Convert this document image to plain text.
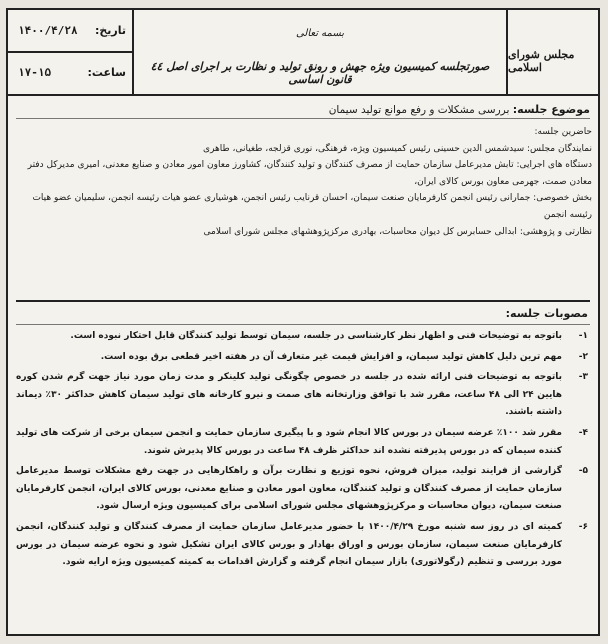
مجلس شورای اسلامی
بسمه تعالی
صورتجلسه کمیسیون ویژه جهش و رونق تولید و نظارت بر اجرای اصل ٤٤ قانون اساسی
تاریخ:
۱۴۰۰/۴/۲۸
ساعت:
۱۷-۱۵
موضوع جلسه: بررسی مشکلات و رفع موانع تولید سیمان

حاضرین جلسه:

نمایندگان مجلس: سیدشمس الدین حسینی رئیس کمیسیون ویژه، فرهنگی، نوری قزلجه، طغیانی، طاهری

دستگاه های اجرایی: تابش مدیرعامل سازمان حمایت از مصرف کنندگان و تولید کنندگان، کشاورز معاون امور معادن و صنایع معدنی، امیری مدیرکل دفتر معادن صمت، جهرمی معاون بورس کالای ایران،

بخش خصوصی: جمارانی رئیس انجمن کارفرمایان صنعت سیمان، احسان قرنایب رئیس انجمن، هوشیاری عضو هیات رئیسه انجمن، سلیمیان عضو هیات رئیسه انجمن

نظارتی و پژوهشی: ابدالی حسابرس کل دیوان محاسبات، بهادری مرکزپژوهشهای مجلس شورای اسلامی

مصوبات جلسه:
۱-
باتوجه به توضیحات فنی و اظهار نظر کارشناسی در جلسه، سیمان توسط تولید کنندگان قابل احتکار نبوده است.
۲-
مهم ترین دلیل کاهش تولید سیمان، و افزایش قیمت غیر متعارف آن در هفته اخیر قطعی برق بوده است.
۳-
باتوجه به توضیحات فنی ارائه شده در جلسه در خصوص چگونگی تولید کلینکر و مدت زمان مورد نیاز جهت گرم شدن کوره هایین ۲۴ الی ۴۸ ساعت، مقرر شد با توافق وزارتخانه های صمت و نیرو کارخانه های تولید سیمان کاهش حداکثر ۳۰٪ دیماند داشته باشند.
۴-
مقرر شد ۱۰۰٪ عرضه سیمان در بورس کالا انجام شود و با پیگیری سازمان حمایت و انجمن سیمان برخی از شرکت های تولید کننده سیمان که در بورس پذیرفته نشده اند حداکثر ظرف ۴۸ ساعت در بورس کالا پذیرش شوند.
۵-
گزارشی از فرایند تولید، میزان فروش، نحوه توزیع و نظارت برآن و راهکارهایی در جهت رفع مشکلات توسط مدیرعامل سازمان حمایت از مصرف کنندگان و تولید کنندگان، معاون امور معادن و صنایع معدنی، بورس کالای ایران، انجمن کارفرمایان صنعت سیمان، دیوان محاسبات و مرکزپژوهشهای مجلس شورای اسلامی برای کمیسیون ویژه ارسال شود.
۶-
کمیته ای در روز سه شنبه مورخ ۱۴۰۰/۴/۲۹ با حضور مدیرعامل سازمان حمایت از مصرف کنندگان و تولید کنندگان، انجمن کارفرمایان صنعت سیمان، سازمان بورس و اوراق بهادار و بورس کالای ایران تشکیل شود و نحوه عرضه سیمان در بورس مورد بررسی و تنظیم (رگولاتوری) بازار سیمان انجام گرفته و گزارش اقدامات به کمیته کمیسیون ویژه ارایه شود.
